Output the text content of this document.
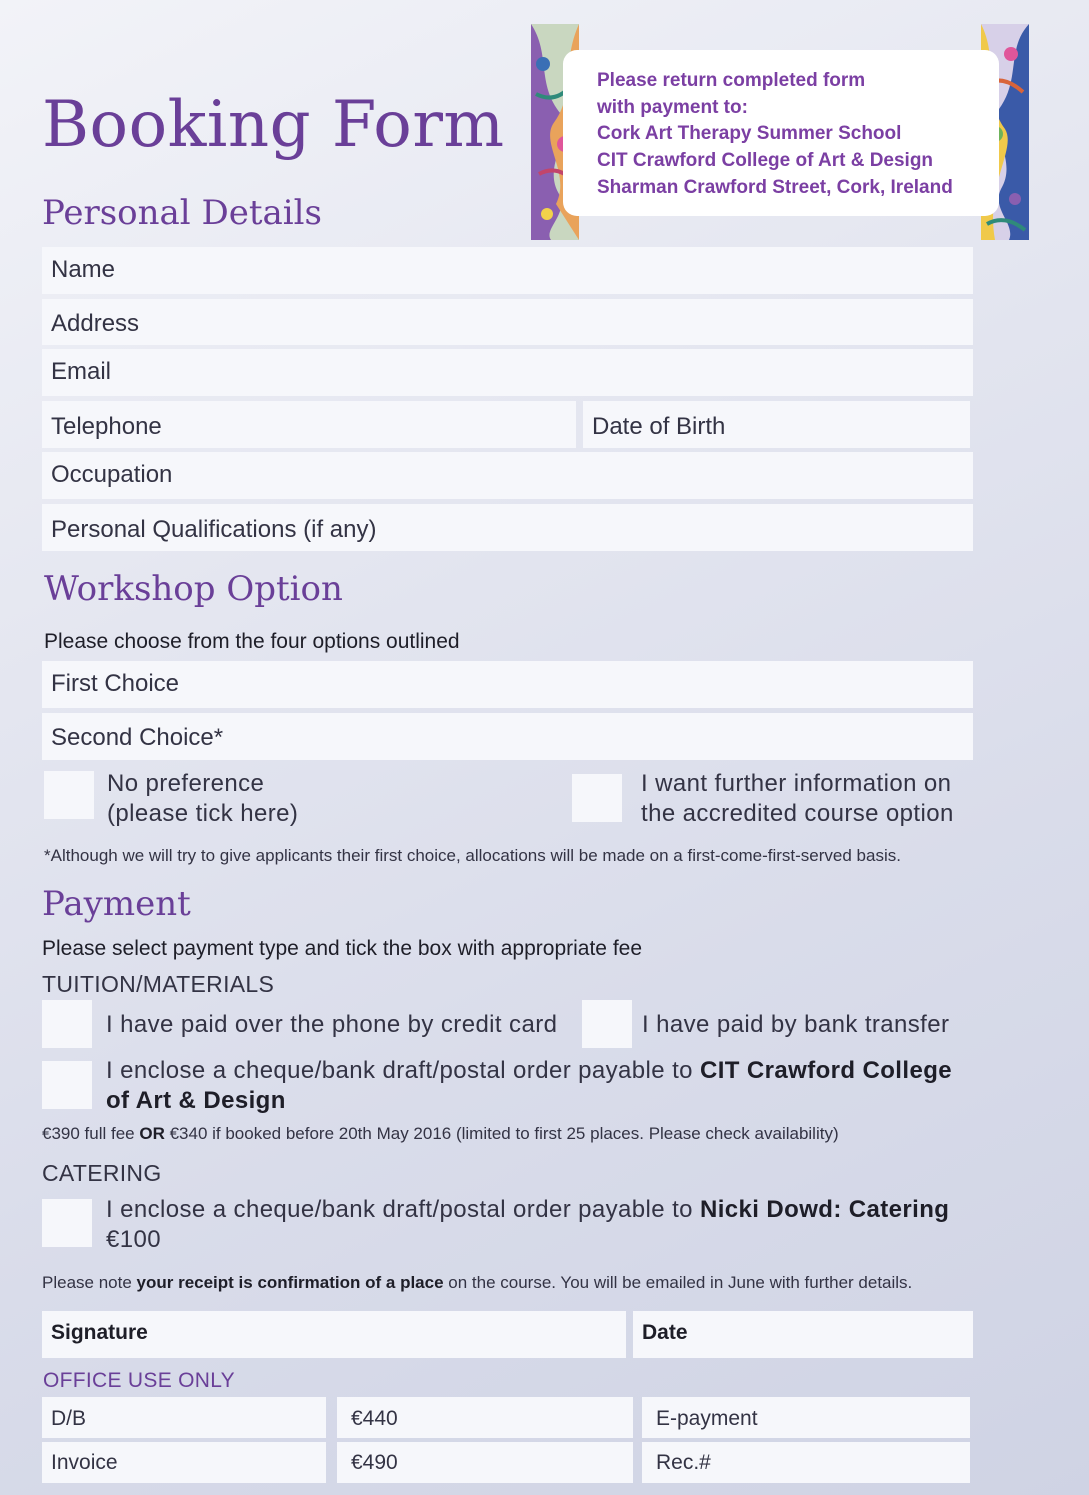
Booking Form
Please return completed form
with payment to:
Cork Art Therapy Summer School
CIT Crawford College of Art & Design
Sharman Crawford Street, Cork, Ireland
Personal Details
Name
Address
Email
Telephone	Date of Birth
Occupation
Personal Qualifications (if any)
Workshop Option
Please choose from the four options outlined
First Choice
Second Choice*
No preference
(please tick here)
I want further information on
the accredited course option
*Although we will try to give applicants their first choice, allocations will be made on a first-come-first-served basis.
Payment
Please select payment type and tick the box with appropriate fee
TUITION/MATERIALS
I have paid over the phone by credit card	I have paid by bank transfer
I enclose a cheque/bank draft/postal order payable to CIT Crawford College
of Art & Design
€390 full fee OR €340 if booked before 20th May 2016 (limited to first 25 places. Please check availability)
CATERING
I enclose a cheque/bank draft/postal order payable to Nicki Dowd: Catering
€100
Please note your receipt is confirmation of a place on the course. You will be emailed in June with further details.
Signature	Date
OFFICE USE ONLY
D/B	€440	E-payment
Invoice	€490	Rec.#
